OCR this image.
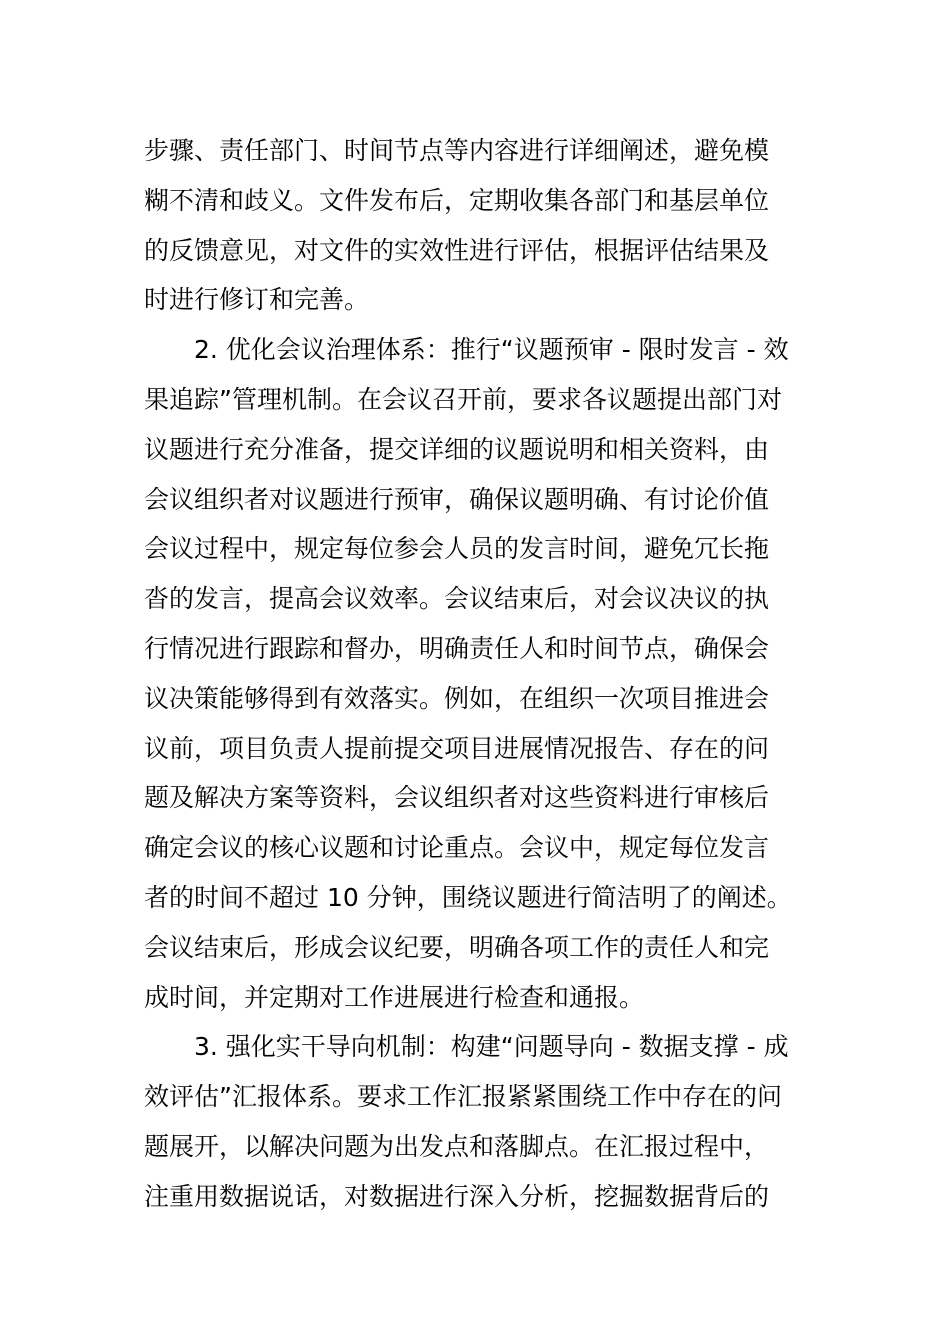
步骤、责任部门、时间节点等内容进行详细阐述，避免模
糊不清和歧义。文件发布后，定期收集各部门和基层单位
的反馈意见，对文件的实效性进行评估，根据评估结果及
时进行修订和完善。
2. 优化会议治理体系：推行“议题预审 - 限时发言 - 效
果追踪”管理机制。在会议召开前，要求各议题提出部门对
议题进行充分准备，提交详细的议题说明和相关资料，由
会议组织者对议题进行预审，确保议题明确、有讨论价值
会议过程中，规定每位参会人员的发言时间，避免冗长拖
沓的发言，提高会议效率。会议结束后，对会议决议的执
行情况进行跟踪和督办，明确责任人和时间节点，确保会
议决策能够得到有效落实。例如，在组织一次项目推进会
议前，项目负责人提前提交项目进展情况报告、存在的问
题及解决方案等资料，会议组织者对这些资料进行审核后
确定会议的核心议题和讨论重点。会议中，规定每位发言
者的时间不超过 10 分钟，围绕议题进行简洁明了的阐述。
会议结束后，形成会议纪要，明确各项工作的责任人和完
成时间，并定期对工作进展进行检查和通报。
3. 强化实干导向机制：构建“问题导向 - 数据支撑 - 成
效评估”汇报体系。要求工作汇报紧紧围绕工作中存在的问
题展开，以解决问题为出发点和落脚点。在汇报过程中，
注重用数据说话，对数据进行深入分析，挖掘数据背后的
